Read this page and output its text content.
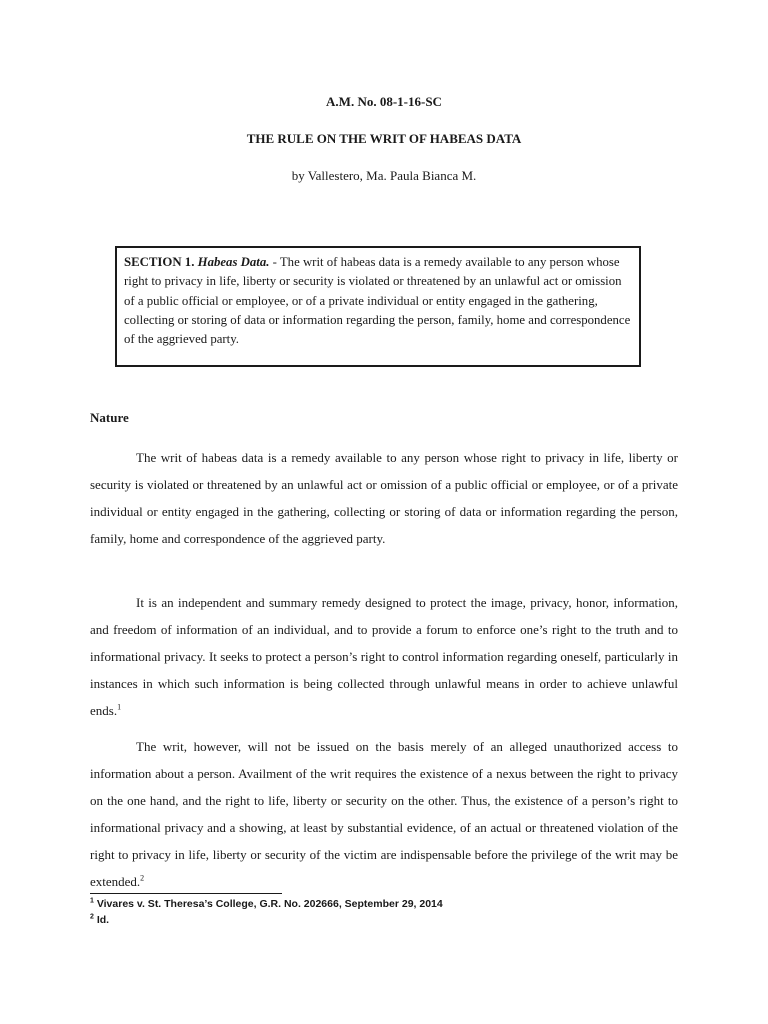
A.M. No. 08-1-16-SC
THE RULE ON THE WRIT OF HABEAS DATA
by Vallestero, Ma. Paula Bianca M.
SECTION 1. Habeas Data. - The writ of habeas data is a remedy available to any person whose right to privacy in life, liberty or security is violated or threatened by an unlawful act or omission of a public official or employee, or of a private individual or entity engaged in the gathering, collecting or storing of data or information regarding the person, family, home and correspondence of the aggrieved party.
Nature

The writ of habeas data is a remedy available to any person whose right to privacy in life, liberty or security is violated or threatened by an unlawful act or omission of a public official or employee, or of a private individual or entity engaged in the gathering, collecting or storing of data or information regarding the person, family, home and correspondence of the aggrieved party.

It is an independent and summary remedy designed to protect the image, privacy, honor, information, and freedom of information of an individual, and to provide a forum to enforce one’s right to the truth and to informational privacy. It seeks to protect a person’s right to control information regarding oneself, particularly in instances in which such information is being collected through unlawful means in order to achieve unlawful ends.$^1$

The writ, however, will not be issued on the basis merely of an alleged unauthorized access to information about a person. Availment of the writ requires the existence of a nexus between the right to privacy on the one hand, and the right to life, liberty or security on the other. Thus, the existence of a person’s right to informational privacy and a showing, at least by substantial evidence, of an actual or threatened violation of the right to privacy in life, liberty or security of the victim are indispensable before the privilege of the writ may be extended.$^2$

$^1$ Vivares v. St. Theresa’s College, G.R. No. 202666, September 29, 2014
$^2$ Id.
